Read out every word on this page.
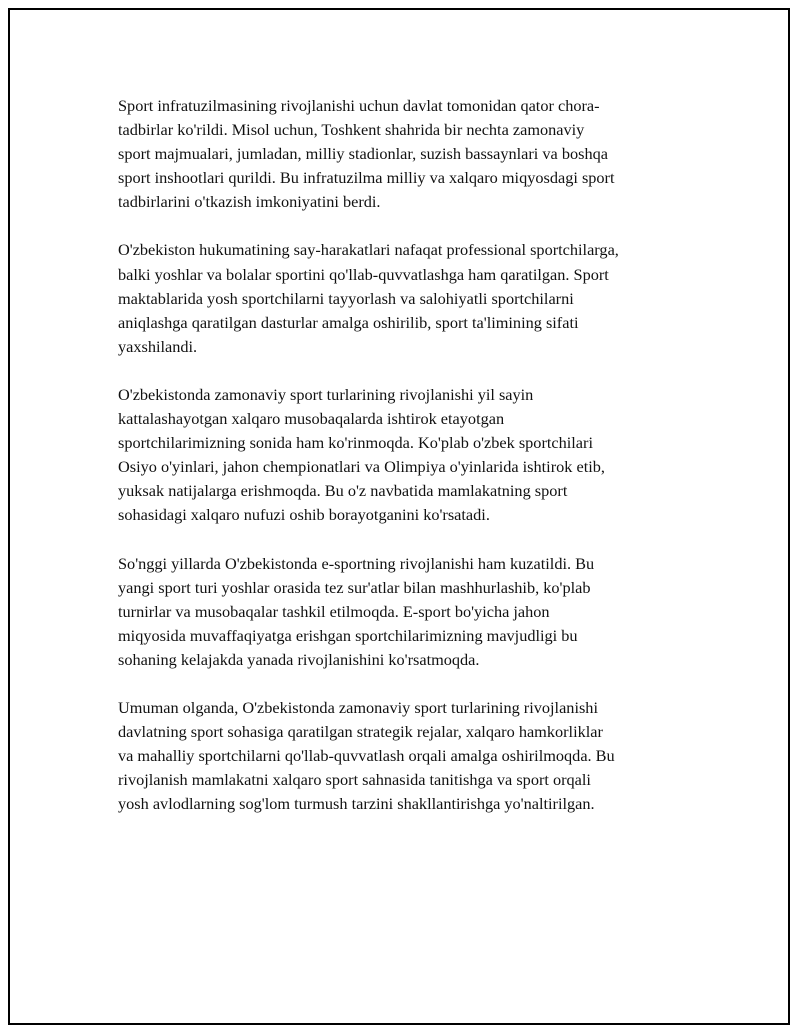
Sport infratuzilmasining rivojlanishi uchun davlat tomonidan qator chora-
tadbirlar ko'rildi. Misol uchun, Toshkent shahrida bir nechta zamonaviy
sport majmualari, jumladan, milliy stadionlar, suzish bassaynlari va boshqa
sport inshootlari qurildi. Bu infratuzilma milliy va xalqaro miqyosdagi sport
tadbirlarini o'tkazish imkoniyatini berdi.

O'zbekiston hukumatining say-harakatlari nafaqat professional sportchilarga,
balki yoshlar va bolalar sportini qo'llab-quvvatlashga ham qaratilgan. Sport
maktablarida yosh sportchilarni tayyorlash va salohiyatli sportchilarni
aniqlashga qaratilgan dasturlar amalga oshirilib, sport ta'limining sifati
yaxshilandi.

O'zbekistonda zamonaviy sport turlarining rivojlanishi yil sayin
kattalashayotgan xalqaro musobaqalarda ishtirok etayotgan
sportchilarimizning sonida ham ko'rinmoqda. Ko'plab o'zbek sportchilari
Osiyo o'yinlari, jahon chempionatlari va Olimpiya o'yinlarida ishtirok etib,
yuksak natijalarga erishmoqda. Bu o'z navbatida mamlakatning sport
sohasidagi xalqaro nufuzi oshib borayotganini ko'rsatadi.

So'nggi yillarda O'zbekistonda e-sportning rivojlanishi ham kuzatildi. Bu
yangi sport turi yoshlar orasida tez sur'atlar bilan mashhurlashib, ko'plab
turnirlar va musobaqalar tashkil etilmoqda. E-sport bo'yicha jahon
miqyosida muvaffaqiyatga erishgan sportchilarimizning mavjudligi bu
sohaning kelajakda yanada rivojlanishini ko'rsatmoqda.

Umuman olganda, O'zbekistonda zamonaviy sport turlarining rivojlanishi
davlatning sport sohasiga qaratilgan strategik rejalar, xalqaro hamkorliklar
va mahalliy sportchilarni qo'llab-quvvatlash orqali amalga oshirilmoqda. Bu
rivojlanish mamlakatni xalqaro sport sahnasida tanitishga va sport orqali
yosh avlodlarning sog'lom turmush tarzini shakllantirishga yo'naltirilgan.
